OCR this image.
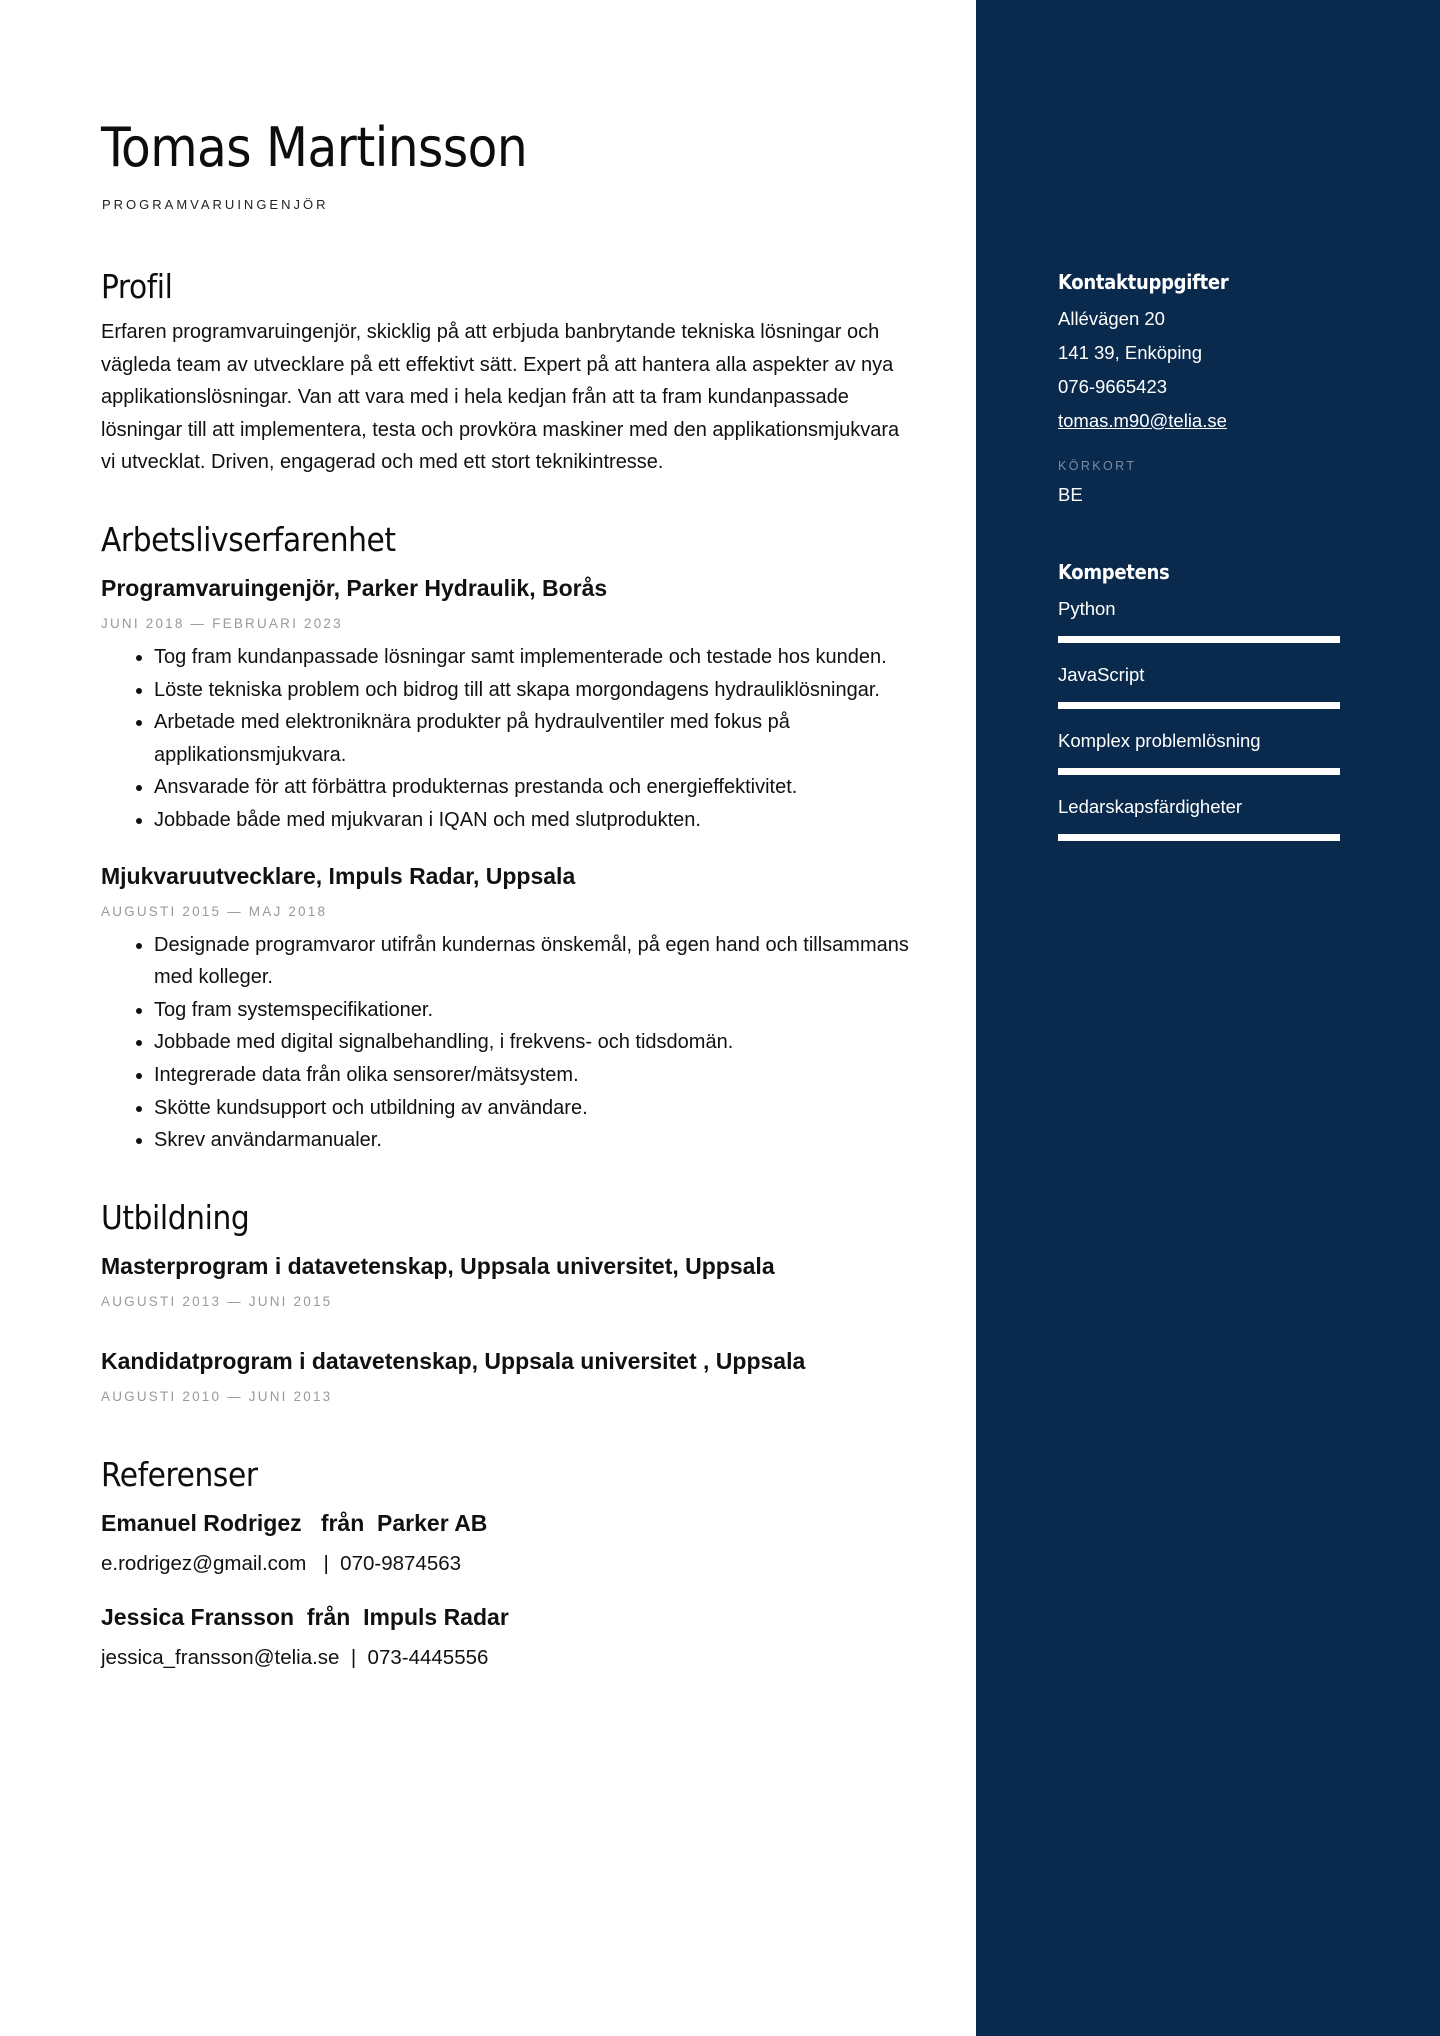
Tomas Martinsson
PROGRAMVARUINGENJÖR
Profil

Erfaren programvaruingenjör, skicklig på att erbjuda banbrytande tekniska lösningar och vägleda team av utvecklare på ett effektivt sätt. Expert på att hantera alla aspekter av nya applikationslösningar. Van att vara med i hela kedjan från att ta fram kundanpassade lösningar till att implementera, testa och provköra maskiner med den applikationsmjukvara vi utvecklat. Driven, engagerad och med ett stort teknikintresse.

Arbetslivserfarenhet

Programvaruingenjör, Parker Hydraulik, Borås

JUNI 2018 — FEBRUARI 2023

• Tog fram kundanpassade lösningar samt implementerade och testade hos kunden.
• Löste tekniska problem och bidrog till att skapa morgondagens hydrauliklösningar.
• Arbetade med elektroniknära produkter på hydraulventiler med fokus på applikationsmjukvara.
• Ansvarade för att förbättra produkternas prestanda och energieffektivitet.
• Jobbade både med mjukvaran i IQAN och med slutprodukten.

Mjukvaruutvecklare, Impuls Radar, Uppsala

AUGUSTI 2015 — MAJ 2018

• Designade programvaror utifrån kundernas önskemål, på egen hand och tillsammans med kolleger.
• Tog fram systemspecifikationer.
• Jobbade med digital signalbehandling, i frekvens- och tidsdomän.
• Integrerade data från olika sensorer/mätsystem.
• Skötte kundsupport och utbildning av användare.
• Skrev användarmanualer.
Utbildning

Masterprogram i datavetenskap, Uppsala universitet, Uppsala

AUGUSTI 2013 — JUNI 2015

Kandidatprogram i datavetenskap, Uppsala universitet , Uppsala

AUGUSTI 2010 — JUNI 2013

Referenser

Emanuel Rodrigez   från  Parker AB

e.rodrigez@gmail.com   |  070-9874563

Jessica Fransson  från  Impuls Radar

jessica_fransson@telia.se  |  073-4445556

Kontaktuppgifter

Allévägen 20

141 39, Enköping

076-9665423

tomas.m90@telia.se

KÖRKORT

BE

Kompetens

Python

JavaScript

Komplex problemlösning

Ledarskapsfärdigheter
